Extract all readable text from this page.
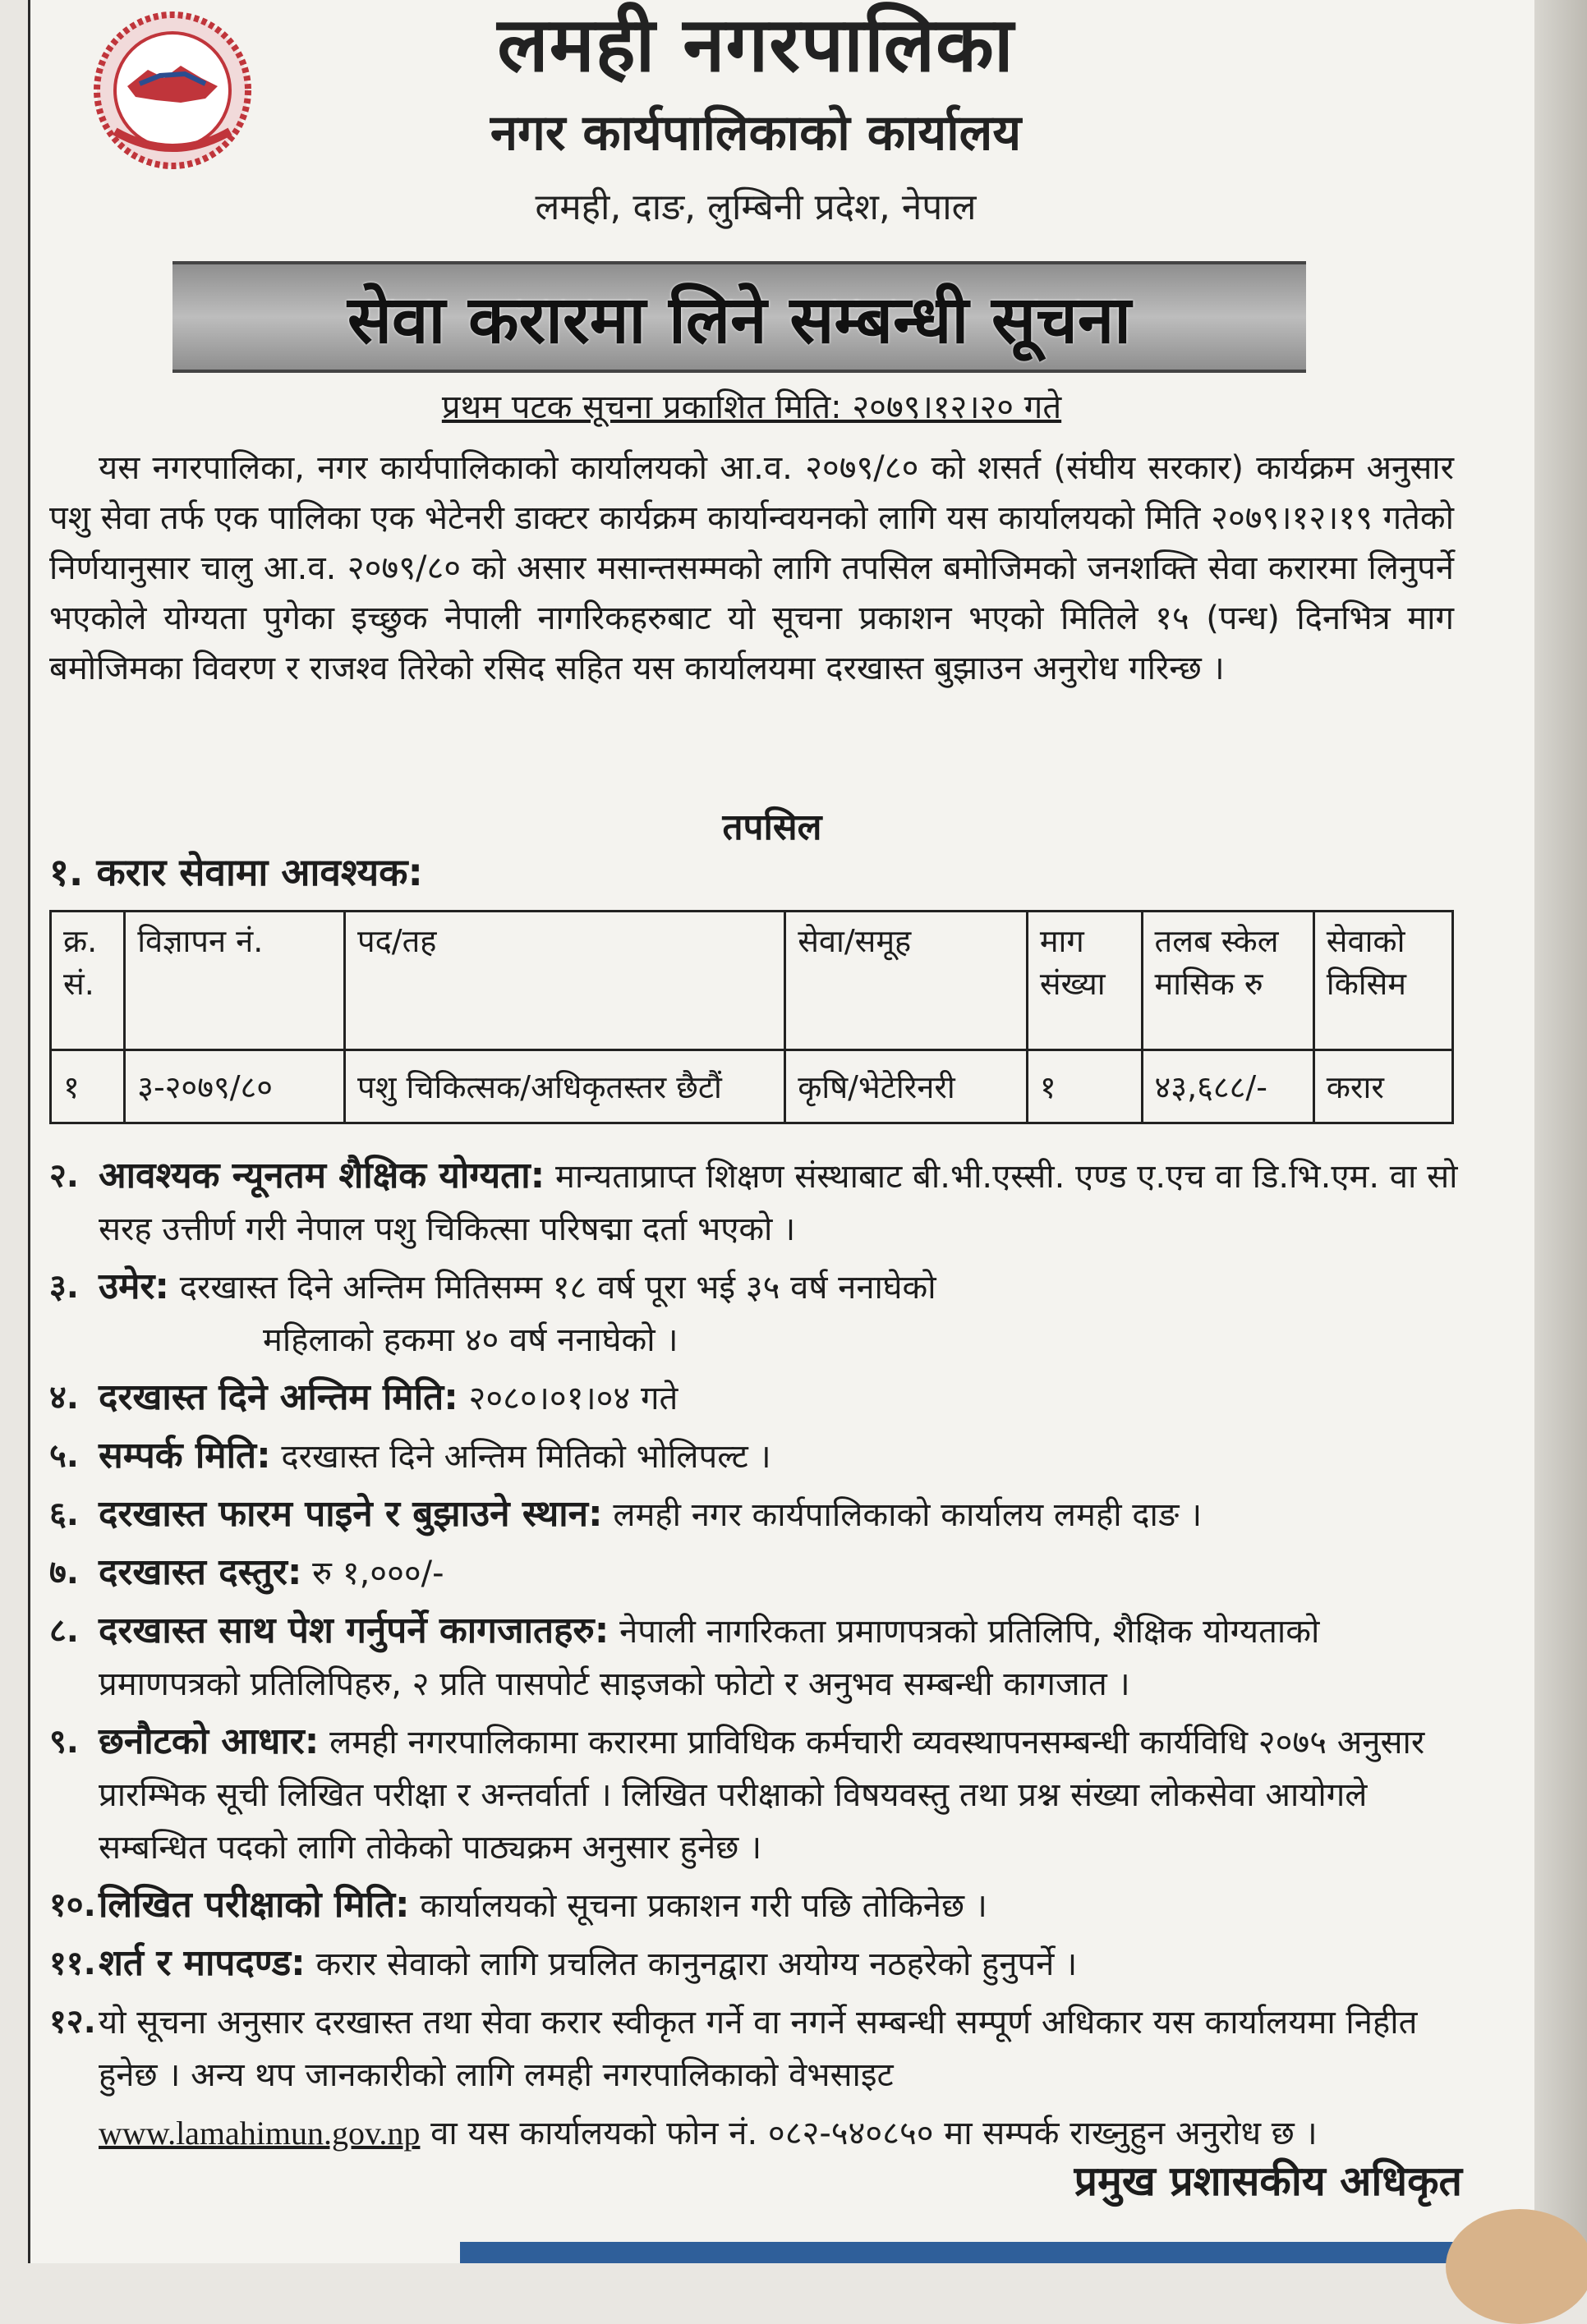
लमही नगरपालिका
नगर कार्यपालिकाको कार्यालय
लमही, दाङ, लुम्बिनी प्रदेश, नेपाल
सेवा करारमा लिने सम्बन्धी सूचना
प्रथम पटक सूचना प्रकाशित मिति: २०७९।१२।२० गते
यस नगरपालिका, नगर कार्यपालिकाको कार्यालयको आ.व. २०७९/८० को शसर्त (संघीय सरकार) कार्यक्रम अनुसार पशु सेवा तर्फ एक पालिका एक भेटेनरी डाक्टर कार्यक्रम कार्यान्वयनको लागि यस कार्यालयको मिति २०७९।१२।१९ गतेको निर्णयानुसार चालु आ.व. २०७९/८० को असार मसान्तसम्मको लागि तपसिल बमोजिमको जनशक्ति सेवा करारमा लिनुपर्ने भएकोले योग्यता पुगेका इच्छुक नेपाली नागरिकहरुबाट यो सूचना प्रकाशन भएको मितिले १५ (पन्ध) दिनभित्र माग बमोजिमका विवरण र राजश्व तिरेको रसिद सहित यस कार्यालयमा दरखास्त बुझाउन अनुरोध गरिन्छ ।
तपसिल
१. करार सेवामा आवश्यक:
क्र. सं.	विज्ञापन नं.	पद/तह	सेवा/समूह	माग संख्या	तलब स्केल मासिक रु	सेवाको किसिम
१	३-२०७९/८०	पशु चिकित्सक/अधिकृतस्तर छैटौं	कृषि/भेटेरिनरी	१	४३,६८८/-	करार
२. आवश्यक न्यूनतम शैक्षिक योग्यता: मान्यताप्राप्त शिक्षण संस्थाबाट बी.भी.एस्सी. एण्ड ए.एच वा डि.भि.एम. वा सो सरह उत्तीर्ण गरी नेपाल पशु चिकित्सा परिषद्मा दर्ता भएको ।
३. उमेर: दरखास्त दिने अन्तिम मितिसम्म १८ वर्ष पूरा भई ३५ वर्ष ननाघेको
महिलाको हकमा ४० वर्ष ननाघेको ।
४. दरखास्त दिने अन्तिम मिति: २०८०।०१।०४ गते
५. सम्पर्क मिति: दरखास्त दिने अन्तिम मितिको भोलिपल्ट ।
६. दरखास्त फारम पाइने र बुझाउने स्थान: लमही नगर कार्यपालिकाको कार्यालय लमही दाङ ।
७. दरखास्त दस्तुर: रु १,०००/-
८. दरखास्त साथ पेश गर्नुपर्ने कागजातहरु: नेपाली नागरिकता प्रमाणपत्रको प्रतिलिपि, शैक्षिक योग्यताको प्रमाणपत्रको प्रतिलिपिहरु, २ प्रति पासपोर्ट साइजको फोटो र अनुभव सम्बन्धी कागजात ।
९. छनौटको आधार: लमही नगरपालिकामा करारमा प्राविधिक कर्मचारी व्यवस्थापनसम्बन्धी कार्यविधि २०७५ अनुसार प्रारम्भिक सूची लिखित परीक्षा र अन्तर्वार्ता । लिखित परीक्षाको विषयवस्तु तथा प्रश्न संख्या लोकसेवा आयोगले सम्बन्धित पदको लागि तोकेको पाठ्यक्रम अनुसार हुनेछ ।
१०. लिखित परीक्षाको मिति: कार्यालयको सूचना प्रकाशन गरी पछि तोकिनेछ ।
११. शर्त र मापदण्ड: करार सेवाको लागि प्रचलित कानुनद्वारा अयोग्य नठहरेको हुनुपर्ने ।
१२. यो सूचना अनुसार दरखास्त तथा सेवा करार स्वीकृत गर्ने वा नगर्ने सम्बन्धी सम्पूर्ण अधिकार यस कार्यालयमा निहीत हुनेछ । अन्य थप जानकारीको लागि लमही नगरपालिकाको वेभसाइट
www.lamahimun.gov.np वा यस कार्यालयको फोन नं. ०८२-५४०८५० मा सम्पर्क राख्नुहुन अनुरोध छ ।
प्रमुख प्रशासकीय अधिकृत
